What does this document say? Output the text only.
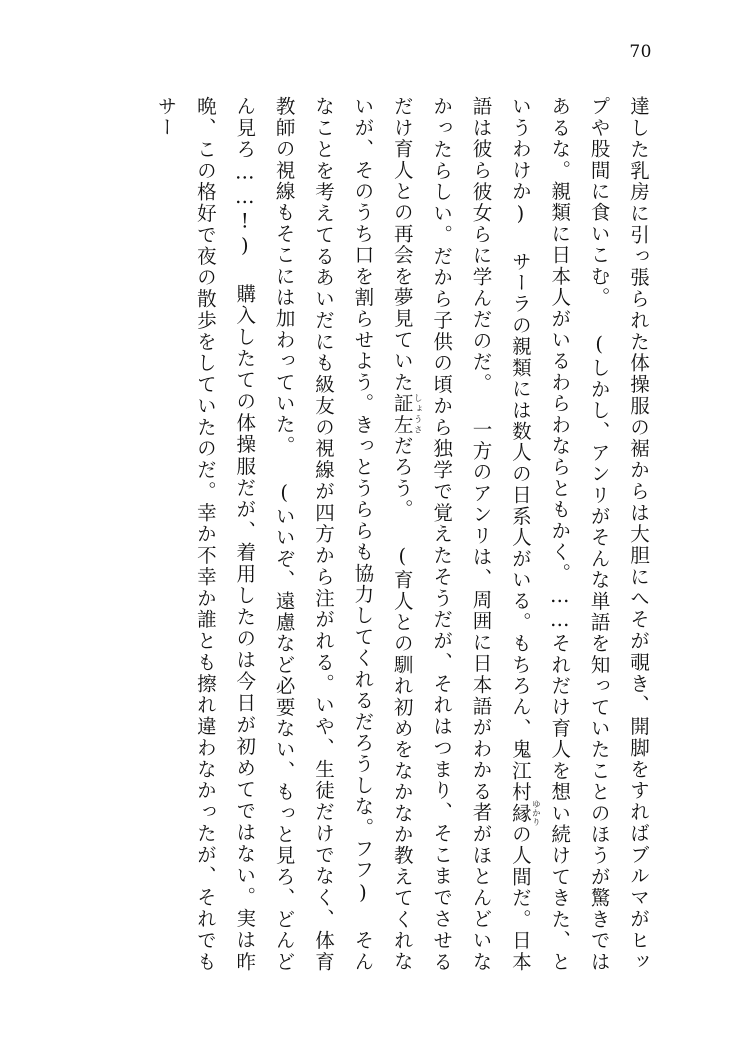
70
達した乳房に引っ張られた体操服の裾からは大胆にへそが覗き、開脚をすればブルマがヒップや股間に食いこむ。 (しかし、アンリがそんな単語を知っていたことのほうが驚きではあるな。親類に日本人がいるわらわならともかく。……それだけ育人を想い続けてきた、というわけか) サーラの親類には数人の日系人がいる。もちろん、鬼江村縁ゆかりの人間だ。日本語は彼ら彼女らに学んだのだ。 一方のアンリは、周囲に日本語がわかる者がほとんどいなかったらしい。だから子供の頃から独学で覚えたそうだが、それはつまり、そこまでさせるだけ育人との再会を夢見ていた証左しょうさだろう。 (育人との馴れ初めをなかなか教えてくれないが、そのうち口を割らせよう。きっとうららも協力してくれるだろうしな。フフ) そんなことを考えてるあいだにも級友の視線が四方から注がれる。いや、生徒だけでなく、体育教師の視線もそこには加わっていた。 (いいぞ、遠慮など必要ない、もっと見ろ、どんどん見ろ……!) 購入したての体操服だが、着用したのは今日が初めてではない。実は昨晩、この格好で夜の散歩をしていたのだ。幸か不幸か誰とも擦れ違わなかったが、それでもサー
